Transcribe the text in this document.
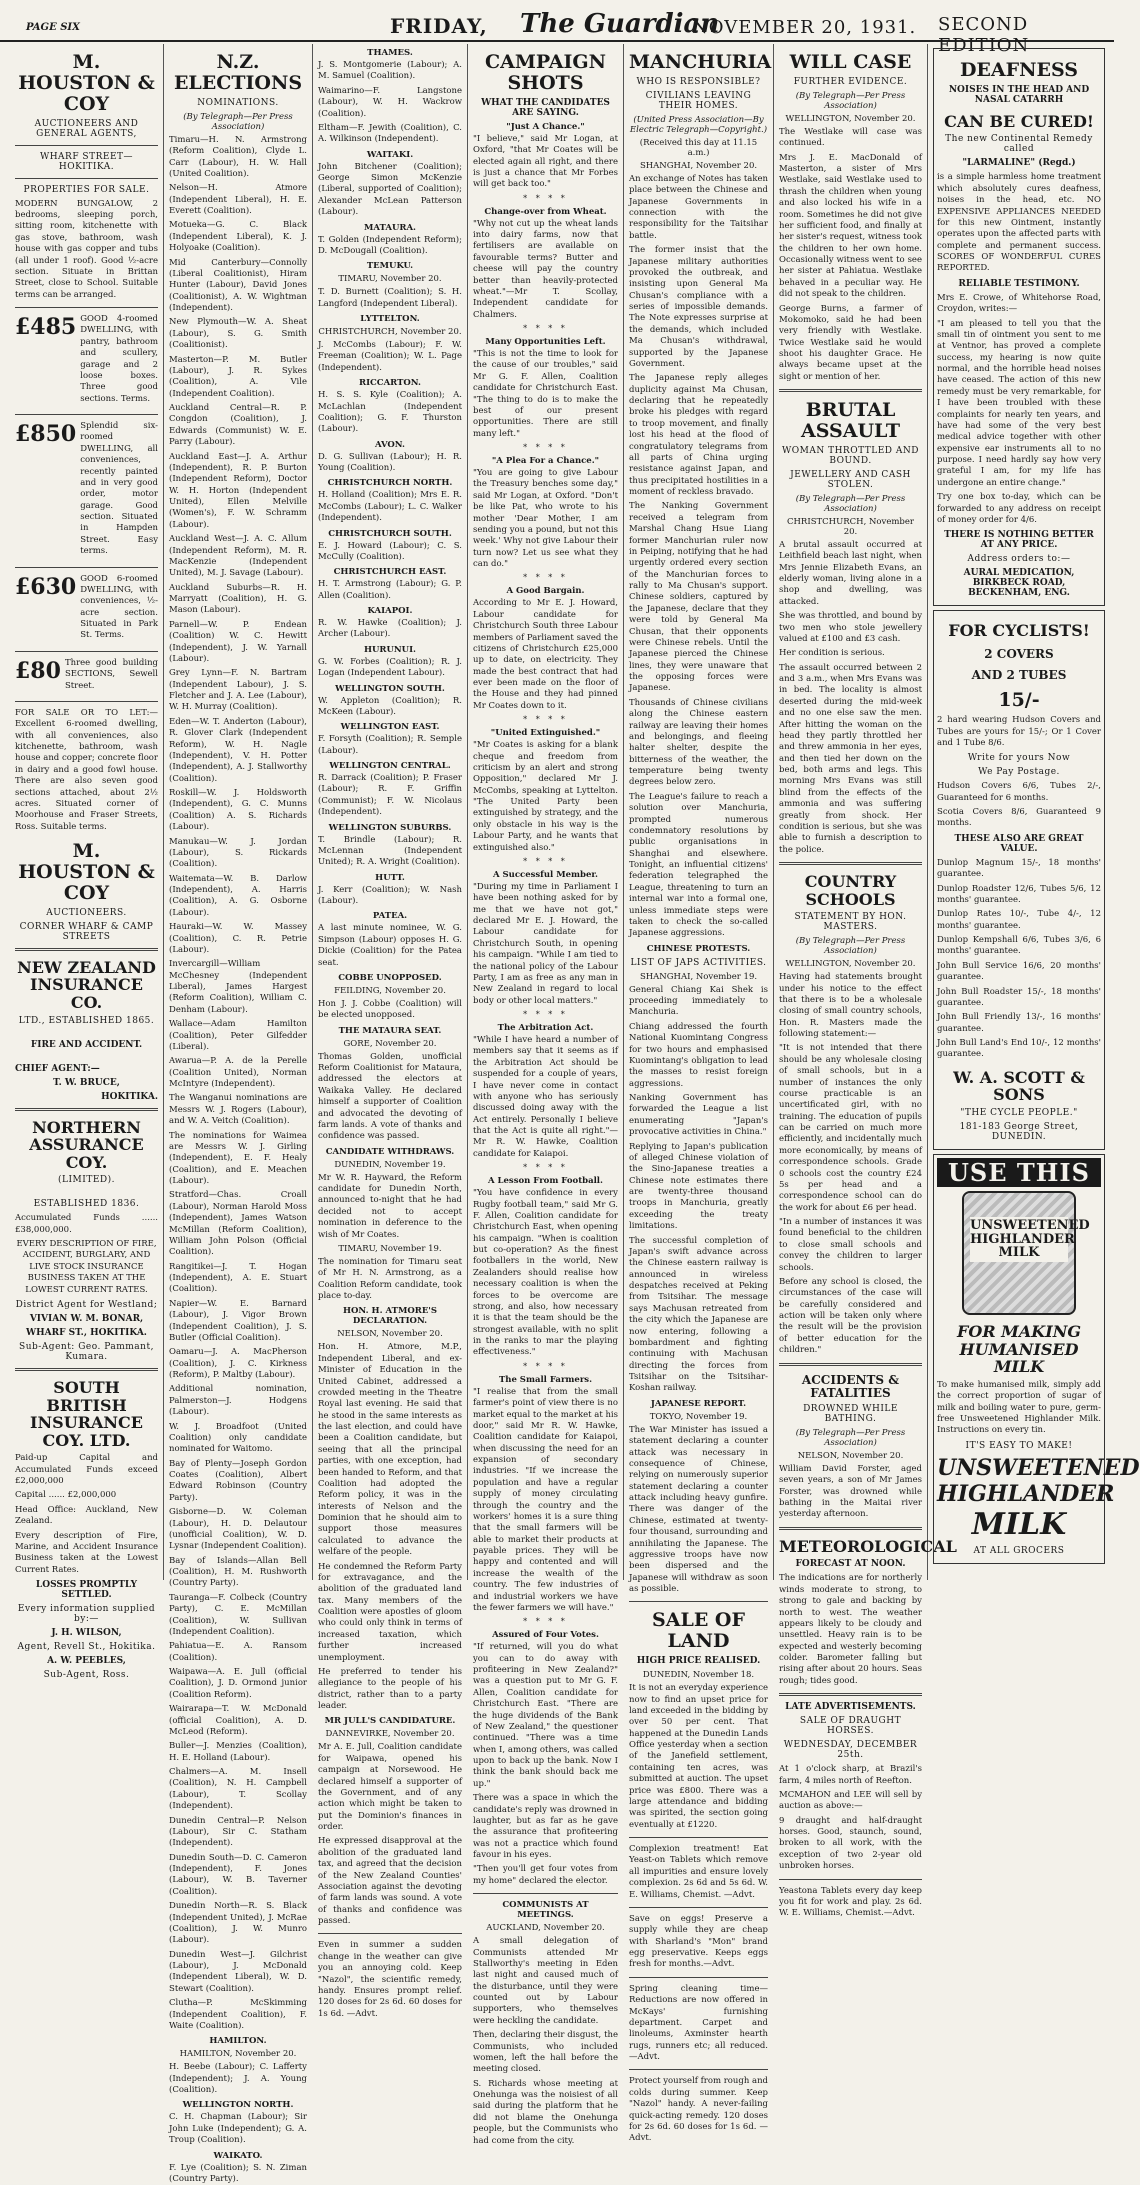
PAGE SIX	FRIDAY, The Guardian
NOVEMBER 20, 1931. SECOND EDITION
M. HOUSTON & COY
AUCTIONEERS AND GENERAL AGENTS,
WHARF STREET—HOKITIKA.
PROPERTIES FOR SALE.

MODERN BUNGALOW, 2 bedrooms, sleeping porch, sitting room, kitchenette with gas stove, bathroom, wash house with gas copper and tubs (all under 1 roof). Good ½-acre section. Situate in Brittan Street, close to School. Suitable terms can be arranged.

£485 GOOD 4-roomed DWELLING, with pantry, bathroom and scullery, garage and 2 loose boxes. Three good sections. Terms.

£850 Splendid six-roomed DWELLING, all conveniences, recently painted and in very good order, motor garage. Good section. Situated in Hampden Street. Easy terms.

£630 GOOD 6-roomed DWELLING, with conveniences, ½-acre section. Situated in Park St. Terms.

£80 Three good building SECTIONS, Sewell Street.

FOR SALE OR TO LET:—Excellent 6-roomed dwelling, with all conveniences, also kitchenette, bathroom, wash house and copper; concrete floor in dairy and a good fowl house. There are also seven good sections attached, about 2½ acres. Situated corner of Moorhouse and Fraser Streets, Ross. Suitable terms.

M. HOUSTON & COY
AUCTIONEERS.
CORNER WHARF & CAMP STREETS
NEW ZEALAND INSURANCE CO.
LTD., ESTABLISHED 1865.
FIRE AND ACCIDENT.
CHIEF AGENT:—
T. W. BRUCE,
HOKITIKA.
NORTHERN ASSURANCE COY.
(LIMITED).
ESTABLISHED 1836.

Accumulated Funds ...... £38,000,000.

EVERY DESCRIPTION OF FIRE, ACCIDENT, BURGLARY, AND LIVE STOCK INSURANCE BUSINESS TAKEN AT THE LOWEST CURRENT RATES.

District Agent for Westland;
VIVIAN W. M. BONAR,
WHARF ST., HOKITIKA.
Sub-Agent: Geo. Pammant, Kumara.
SOUTH BRITISH INSURANCE COY. LTD.

Paid-up Capital and Accumulated Funds exceed £2,000,000

Capital ...... £2,000,000

Head Office: Auckland, New Zealand.

Every description of Fire, Marine, and Accident Insurance Business taken at the Lowest Current Rates.

LOSSES PROMPTLY SETTLED.
Every information supplied by:—
J. H. WILSON,
Agent, Revell St., Hokitika.
A. W. PEEBLES,
Sub-Agent, Ross.
N.Z. ELECTIONS
NOMINATIONS.
(By Telegraph—Per Press Association)

Timaru—H. N. Armstrong (Reform Coalition), Clyde L. Carr (Labour), H. W. Hall (United Coalition).

Nelson—H. Atmore (Independent Liberal), H. E. Everett (Coalition).

Motueka—G. C. Black (Independent Liberal), K. J. Holyoake (Coalition).

Mid Canterbury—Connolly (Liberal Coalitionist), Hiram Hunter (Labour), David Jones (Coalitionist), A. W. Wightman (Independent).

New Plymouth—W. A. Sheat (Labour), S. G. Smith (Coalitionist).

Masterton—P. M. Butler (Labour), J. R. Sykes (Coalition), A. Vile (Independent Coalition).

Auckland Central—R. P. Congdon (Coalition), J. Edwards (Communist) W. E. Parry (Labour).

Auckland East—J. A. Arthur (Independent), R. P. Burton (Independent Reform), Doctor W. H. Horton (Independent United), Ellen Melville (Women's), F. W. Schramm (Labour).

Auckland West—J. A. C. Allum (Independent Reform), M. R. MacKenzie (Independent United), M. J. Savage (Labour).

Auckland Suburbs—R. H. Marryatt (Coalition), H. G. Mason (Labour).

Parnell—W. P. Endean (Coalition) W. C. Hewitt (Independent), J. W. Yarnall (Labour).

Grey Lynn—F. N. Bartram (Independent Labour), J. S. Fletcher and J. A. Lee (Labour), W. H. Murray (Coalition).

Eden—W. T. Anderton (Labour), R. Glover Clark (Independent Reform), W. H. Nagle (Independent), V. H. Potter (Independent), A. J. Stallworthy (Coalition).

Roskill—W. J. Holdsworth (Independent), G. C. Munns (Coalition) A. S. Richards (Labour).

Manukau—W. J. Jordan (Labour), S. Rickards (Coalition).

Waitemata—W. B. Darlow (Independent), A. Harris (Coalition), A. G. Osborne (Labour).

Hauraki—W. W. Massey (Coalition), C. R. Petrie (Labour).

Invercargill—William McChesney (Independent Liberal), James Hargest (Reform Coalition), William C. Denham (Labour).

Wallace—Adam Hamilton (Coalition), Peter Gilfedder (Liberal).

Awarua—P. A. de la Perelle (Coalition United), Norman McIntyre (Independent).

The Wanganui nominations are Messrs W. J. Rogers (Labour), and W. A. Veitch (Coalition).

The nominations for Waimea are Messrs W. J. Girling (Independent), E. F. Healy (Coalition), and E. Meachen (Labour).

Stratford—Chas. Croall (Labour), Norman Harold Moss (Independent), James Watson McMillan (Reform Coalition), William John Polson (Official Coalition).

Rangitikei—J. T. Hogan (Independent), A. E. Stuart (Coalition).

Napier—W. E. Barnard (Labour), J. Vigor Brown (Independent Coalition), J. S. Butler (Official Coalition).

Oamaru—J. A. MacPherson (Coalition), J. C. Kirkness (Reform), P. Maltby (Labour).

Additional nomination, Palmerston—J. Hodgens (Labour).

W. J. Broadfoot (United Coalition) only candidate nominated for Waitomo.

Bay of Plenty—Joseph Gordon Coates (Coalition), Albert Edward Robinson (Country Party).

Gisborne—D. W. Coleman (Labour), H. D. Delautour (unofficial Coalition), W. D. Lysnar (Independent Coalition).

Bay of Islands—Allan Bell (Coalition), H. M. Rushworth (Country Party).

Tauranga—F. Colbeck (Country Party), C. E. McMillan (Coalition), W. Sullivan (Independent Coalition).

Pahiatua—E. A. Ransom (Coalition).

Waipawa—A. E. Jull (official Coalition), J. D. Ormond junior (Coalition Reform).

Wairarapa—T. W. McDonald (official Coalition), A. D. McLeod (Reform).

Buller—J. Menzies (Coalition), H. E. Holland (Labour).

Chalmers—A. M. Insell (Coalition), N. H. Campbell (Labour), T. Scollay (Independent).

Dunedin Central—P. Nelson (Labour), Sir C. Statham (Independent).

Dunedin South—D. C. Cameron (Independent), F. Jones (Labour), W. B. Taverner (Coalition).

Dunedin North—R. S. Black (Independent United), J. McRae (Coalition), J. W. Munro (Labour).

Dunedin West—J. Gilchrist (Labour), J. McDonald (Independent Liberal), W. D. Stewart (Coalition).

Clutha—P. McSkimming (Independent Coalition), F. Waite (Coalition).

HAMILTON.
HAMILTON, November 20.

H. Beebe (Labour); C. Lafferty (Independent); J. A. Young (Coalition).

WELLINGTON NORTH.

C. H. Chapman (Labour); Sir John Luke (Independent); G. A. Troup (Coalition).

WAIKATO.

F. Lye (Coalition); S. N. Ziman (Country Party).

THAMES.

J. S. Montgomerie (Labour); A. M. Samuel (Coalition).

Waimarino—F. Langstone (Labour), W. H. Wackrow (Coalition).

Eltham—F. Jewith (Coalition), C. A. Wilkinson (Independent).

WAITAKI.

John Bitchener (Coalition); George Simon McKenzie (Liberal, supported of Coalition); Alexander McLean Patterson (Labour).

MATAURA.

T. Golden (Independent Reform); D. McDougall (Coalition).

TEMUKU.
TIMARU, November 20.

T. D. Burnett (Coalition); S. H. Langford (Independent Liberal).

LYTTELTON.
CHRISTCHURCH, November 20.

J. McCombs (Labour); F. W. Freeman (Coalition); W. L. Page (Independent).

RICCARTON.

H. S. S. Kyle (Coalition); A. McLachlan (Independent Coalition); G. F. Thurston (Labour).

AVON.

D. G. Sullivan (Labour); H. R. Young (Coalition).

CHRISTCHURCH NORTH.

H. Holland (Coalition); Mrs E. R. McCombs (Labour); L. C. Walker (Independent).

CHRISTCHURCH SOUTH.

E. J. Howard (Labour); C. S. McCully (Coalition).

CHRISTCHURCH EAST.

H. T. Armstrong (Labour); G. P. Allen (Coalition).

KAIAPOI.

R. W. Hawke (Coalition); J. Archer (Labour).

HURUNUI.

G. W. Forbes (Coalition); R. J. Logan (Independent Labour).

WELLINGTON SOUTH.

W. Appleton (Coalition); R. McKeen (Labour).

WELLINGTON EAST.

F. Forsyth (Coalition); R. Semple (Labour).

WELLINGTON CENTRAL.

R. Darrack (Coalition); P. Fraser (Labour); R. F. Griffin (Communist); F. W. Nicolaus (Independent).

WELLINGTON SUBURBS.

T. Brindle (Labour); R. McLennan (Independent United); R. A. Wright (Coalition).

HUTT.

J. Kerr (Coalition); W. Nash (Labour).

PATEA.

A last minute nominee, W. G. Simpson (Labour) opposes H. G. Dickie (Coalition) for the Patea seat.

COBBE UNOPPOSED.
FEILDING, November 20.

Hon J. J. Cobbe (Coalition) will be elected unopposed.

THE MATAURA SEAT.
GORE, November 20.

Thomas Golden, unofficial Reform Coalitionist for Mataura, addressed the electors at Waikaka Valley. He declared himself a supporter of Coalition and advocated the devoting of farm lands. A vote of thanks and confidence was passed.

CANDIDATE WITHDRAWS.
DUNEDIN, November 19.

Mr W. R. Hayward, the Reform candidate for Dunedin North, announced to-night that he had decided not to accept nomination in deference to the wish of Mr Coates.

TIMARU, November 19.

The nomination for Timaru seat of Mr H. N. Armstrong, as a Coalition Reform candidate, took place to-day.

HON. H. ATMORE'S DECLARATION.
NELSON, November 20.

Hon. H. Atmore, M.P., Independent Liberal, and ex-Minister of Education in the United Cabinet, addressed a crowded meeting in the Theatre Royal last evening. He said that he stood in the same interests as the last election, and could have been a Coalition candidate, but seeing that all the principal parties, with one exception, had been handed to Reform, and that Coalition had adopted the Reform policy, it was in the interests of Nelson and the Dominion that he should aim to support those measures calculated to advance the welfare of the people.

He condemned the Reform Party for extravagance, and the abolition of the graduated land tax. Many members of the Coalition were apostles of gloom who could only think in terms of increased taxation, which further increased unemployment.

He preferred to tender his allegiance to the people of his district, rather than to a party leader.

MR JULL'S CANDIDATURE.
DANNEVIRKE, November 20.

Mr A. E. Jull, Coalition candidate for Waipawa, opened his campaign at Norsewood. He declared himself a supporter of the Government, and of any action which might be taken to put the Dominion's finances in order.

He expressed disapproval at the abolition of the graduated land tax, and agreed that the decision of the New Zealand Counties' Association against the devoting of farm lands was sound. A vote of thanks and confidence was passed.

Even in summer a sudden change in the weather can give you an annoying cold. Keep "Nazol", the scientific remedy, handy. Ensures prompt relief. 120 doses for 2s 6d. 60 doses for 1s 6d. —Advt.

CAMPAIGN SHOTS
WHAT THE CANDIDATES ARE SAYING.
"Just A Chance."

"I believe," said Mr Logan, at Oxford, "that Mr Coates will be elected again all right, and there is just a chance that Mr Forbes will get back too."

* * * *
Change-over from Wheat.

"Why not cut up the wheat lands into dairy farms, now that fertilisers are available on favourable terms? Butter and cheese will pay the country better than heavily-protected wheat."—Mr T. Scollay, Independent candidate for Chalmers.

* * * *
Many Opportunities Left.

"This is not the time to look for the cause of our troubles," said Mr G. F. Allen, Coalition candidate for Christchurch East. "The thing to do is to make the best of our present opportunities. There are still many left."

* * * *
"A Plea For a Chance."

"You are going to give Labour the Treasury benches some day," said Mr Logan, at Oxford. "Don't be like Pat, who wrote to his mother 'Dear Mother, I am sending you a pound, but not this week.' Why not give Labour their turn now? Let us see what they can do."

* * * *
A Good Bargain.

According to Mr E. J. Howard, Labour candidate for Christchurch South three Labour members of Parliament saved the citizens of Christchurch £25,000 up to date, on electricity. They made the best contract that had ever been made on the floor of the House and they had pinned Mr Coates down to it.

* * * *
"United Extinguished."

"Mr Coates is asking for a blank cheque and freedom from criticism by an alert and strong Opposition," declared Mr J. McCombs, speaking at Lyttelton. "The United Party been extinguished by strategy, and the only obstacle in his way is the Labour Party, and he wants that extinguished also."

* * * *
A Successful Member.

"During my time in Parliament I have been nothing asked for by me that we have not got," declared Mr E. J. Howard, the Labour candidate for Christchurch South, in opening his campaign. "While I am tied to the national policy of the Labour Party, I am as free as any man in New Zealand in regard to local body or other local matters."

* * * *
The Arbitration Act.

"While I have heard a number of members say that it seems as if the Arbitration Act should be suspended for a couple of years, I have never come in contact with anyone who has seriously discussed doing away with the Act entirely. Personally I believe that the Act is quite all right."—Mr R. W. Hawke, Coalition candidate for Kaiapoi.

* * * *
A Lesson From Football.

"You have confidence in every Rugby football team," said Mr G. F. Allen, Coalition candidate for Christchurch East, when opening his campaign. "When is coalition but co-operation? As the finest footballers in the world, New Zealanders should realise how necessary coalition is when the forces to be overcome are strong, and also, how necessary it is that the team should be the strongest available, with no split in the ranks to mar the playing effectiveness."

* * * *
The Small Farmers.

"I realise that from the small farmer's point of view there is no market equal to the market at his door," said Mr R. W. Hawke, Coalition candidate for Kaiapoi, when discussing the need for an expansion of secondary industries. "If we increase the population and have a regular supply of money circulating through the country and the workers' homes it is a sure thing that the small farmers will be able to market their products at payable prices. They will be happy and contented and will increase the wealth of the country. The few industries of and industrial workers we have the fewer farmers we will have."

* * * *
Assured of Four Votes.

"If returned, will you do what you can to do away with profiteering in New Zealand?" was a question put to Mr G. F. Allen, Coalition candidate for Christchurch East. "There are the huge dividends of the Bank of New Zealand," the questioner continued. "There was a time when I, among others, was called upon to back up the bank. Now I think the bank should back me up."

There was a space in which the candidate's reply was drowned in laughter, but as far as he gave the assurance that profiteering was not a practice which found favour in his eyes.

"Then you'll get four votes from my home" declared the elector.

COMMUNISTS AT MEETINGS.
AUCKLAND, November 20.

A small delegation of Communists attended Mr Stallworthy's meeting in Eden last night and caused much of the disturbance, until they were counted out by Labour supporters, who themselves were heckling the candidate.

Then, declaring their disgust, the Communists, who included women, left the hall before the meeting closed.

S. Richards whose meeting at Onehunga was the noisiest of all said during the platform that he did not blame the Onehunga people, but the Communists who had come from the city.

MANCHURIA
WHO IS RESPONSIBLE?
CIVILIANS LEAVING THEIR HOMES.
(United Press Association—By Electric Telegraph—Copyright.)
(Received this day at 11.15 a.m.)
SHANGHAI, November 20.

An exchange of Notes has taken place between the Chinese and Japanese Governments in connection with the responsibility for the Taitsihar battle.

The former insist that the Japanese military authorities provoked the outbreak, and insisting upon General Ma Chusan's compliance with a series of impossible demands. The Note expresses surprise at the demands, which included Ma Chusan's withdrawal, supported by the Japanese Government.

The Japanese reply alleges duplicity against Ma Chusan, declaring that he repeatedly broke his pledges with regard to troop movement, and finally lost his head at the flood of congratulatory telegrams from all parts of China urging resistance against Japan, and thus precipitated hostilities in a moment of reckless bravado.

The Nanking Government received a telegram from Marshal Chang Hsue Liang former Manchurian ruler now in Peiping, notifying that he had urgently ordered every section of the Manchurian forces to rally to Ma Chusan's support. Chinese soldiers, captured by the Japanese, declare that they were told by General Ma Chusan, that their opponents were Chinese rebels. Until the Japanese pierced the Chinese lines, they were unaware that the opposing forces were Japanese.

Thousands of Chinese civilians along the Chinese eastern railway are leaving their homes and belongings, and fleeing halter shelter, despite the bitterness of the weather, the temperature being twenty degrees below zero.

The League's failure to reach a solution over Manchuria, prompted numerous condemnatory resolutions by public organisations in Shanghai and elsewhere. Tonight, an influential citizens' federation telegraphed the League, threatening to turn an internal war into a formal one, unless immediate steps were taken to check the so-called Japanese aggressions.

CHINESE PROTESTS.
LIST OF JAPS ACTIVITIES.
SHANGHAI, November 19.

General Chiang Kai Shek is proceeding immediately to Manchuria.

Chiang addressed the fourth National Kuomintang Congress for two hours and emphasised Kuomintang's obligation to lead the masses to resist foreign aggressions.

Nanking Government has forwarded the League a list enumerating "Japan's provocative activities in China."

Replying to Japan's publication of alleged Chinese violation of the Sino-Japanese treaties a Chinese note estimates there are twenty-three thousand troops in Manchuria, greatly exceeding the treaty limitations.

The successful completion of Japan's swift advance across the Chinese eastern railway is announced in wireless despatches received at Peking from Tsitsihar. The message says Machusan retreated from the city which the Japanese are now entering, following a bombardment and fighting continuing with Machusan directing the forces from Tsitsihar on the Tsitsihar-Koshan railway.

JAPANESE REPORT.
TOKYO, November 19.

The War Minister has issued a statement declaring a counter attack was necessary in consequence of Chinese, relying on numerously superior statement declaring a counter attack including heavy gunfire. There was danger of the Chinese, estimated at twenty-four thousand, surrounding and annihilating the Japanese. The aggressive troops have now been dispersed and the Japanese will withdraw as soon as possible.

SALE OF LAND
HIGH PRICE REALISED.
DUNEDIN, November 18.

It is not an everyday experience now to find an upset price for land exceeded in the bidding by over 50 per cent. That happened at the Dunedin Lands Office yesterday when a section of the Janefield settlement, containing ten acres, was submitted at auction. The upset price was £800. There was a large attendance and bidding was spirited, the section going eventually at £1220.

Complexion treatment! Eat Yeast-on Tablets which remove all impurities and ensure lovely complexion. 2s 6d and 5s 6d. W. E. Williams, Chemist. —Advt.

Save on eggs! Preserve a supply while they are cheap with Sharland's "Mon" brand egg preservative. Keeps eggs fresh for months.—Advt.

Spring cleaning time—Reductions are now offered in McKays' furnishing department. Carpet and linoleums, Axminster hearth rugs, runners etc; all reduced.—Advt.

Protect yourself from rough and colds during summer. Keep "Nazol" handy. A never-failing quick-acting remedy. 120 doses for 2s 6d. 60 doses for 1s 6d. —Advt.

WILL CASE
FURTHER EVIDENCE.
(By Telegraph—Per Press Association)
WELLINGTON, November 20.

The Westlake will case was continued.

Mrs J. E. MacDonald of Masterton, a sister of Mrs Westlake, said Westlake used to thrash the children when young and also locked his wife in a room. Sometimes he did not give her sufficient food, and finally at her sister's request, witness took the children to her own home. Occasionally witness went to see her sister at Pahiatua. Westlake behaved in a peculiar way. He did not speak to the children.

George Burns, a farmer of Mokomoko, said he had been very friendly with Westlake. Twice Westlake said he would shoot his daughter Grace. He always became upset at the sight or mention of her.

BRUTAL ASSAULT
WOMAN THROTTLED AND BOUND.
JEWELLERY AND CASH STOLEN.
(By Telegraph—Per Press Association)
CHRISTCHURCH, November 20.

A brutal assault occurred at Leithfield beach last night, when Mrs Jennie Elizabeth Evans, an elderly woman, living alone in a shop and dwelling, was attacked.

She was throttled, and bound by two men who stole jewellery valued at £100 and £3 cash.

Her condition is serious.

The assault occurred between 2 and 3 a.m., when Mrs Evans was in bed. The locality is almost deserted during the mid-week and no one else saw the men. After hitting the woman on the head they partly throttled her and threw ammonia in her eyes, and then tied her down on the bed, both arms and legs. This morning Mrs Evans was still blind from the effects of the ammonia and was suffering greatly from shock. Her condition is serious, but she was able to furnish a description to the police.

COUNTRY SCHOOLS
STATEMENT BY HON. MASTERS.
(By Telegraph—Per Press Association)
WELLINGTON, November 20.

Having had statements brought under his notice to the effect that there is to be a wholesale closing of small country schools, Hon. R. Masters made the following statement:—

"It is not intended that there should be any wholesale closing of small schools, but in a number of instances the only course practicable is an uncertificated girl, with no training. The education of pupils can be carried on much more efficiently, and incidentally much more economically, by means of correspondence schools. Grade 0 schools cost the country £24 5s per head and a correspondence school can do the work for about £6 per head.

"In a number of instances it was found beneficial to the children to close small schools and convey the children to larger schools.

Before any school is closed, the circumstances of the case will be carefully considered and action will be taken only where the result will be the provision of better education for the children."

ACCIDENTS & FATALITIES
DROWNED WHILE BATHING.
(By Telegraph—Per Press Association)
NELSON, November 20.

William David Forster, aged seven years, a son of Mr James Forster, was drowned while bathing in the Maitai river yesterday afternoon.

METEOROLOGICAL
FORECAST AT NOON.

The indications are for northerly winds moderate to strong, to strong to gale and backing by north to west. The weather appears likely to be cloudy and unsettled. Heavy rain is to be expected and westerly becoming colder. Barometer falling but rising after about 20 hours. Seas rough; tides good.

LATE ADVERTISEMENTS.
SALE OF DRAUGHT HORSES.
WEDNESDAY, DECEMBER 25th.

At 1 o'clock sharp, at Brazil's farm, 4 miles north of Reefton.

MCMAHON and LEE will sell by auction as above:—

9 draught and half-draught horses. Good, staunch, sound, broken to all work, with the exception of two 2-year old unbroken horses.

Yeastona Tablets every day keep you fit for work and play. 2s 6d. W. E. Williams, Chemist.—Advt.

DEAFNESS
NOISES IN THE HEAD AND NASAL CATARRH
CAN BE CURED!
The new Continental Remedy called
"LARMALINE" (Regd.)

is a simple harmless home treatment which absolutely cures deafness, noises in the head, etc. NO EXPENSIVE APPLIANCES NEEDED for this new Ointment, instantly operates upon the affected parts with complete and permanent success. SCORES OF WONDERFUL CURES REPORTED.

RELIABLE TESTIMONY.

Mrs E. Crowe, of Whitehorse Road, Croydon, writes:—

"I am pleased to tell you that the small tin of ointment you sent to me at Ventnor, has proved a complete success, my hearing is now quite normal, and the horrible head noises have ceased. The action of this new remedy must be very remarkable, for I have been troubled with these complaints for nearly ten years, and have had some of the very best medical advice together with other expensive ear instruments all to no purpose. I need hardly say how very grateful I am, for my life has undergone an entire change."

Try one box to-day, which can be forwarded to any address on receipt of money order for 4/6.

THERE IS NOTHING BETTER AT ANY PRICE.
Address orders to:—
AURAL MEDICATION, BIRKBECK ROAD, BECKENHAM, ENG.
FOR CYCLISTS!
2 COVERS
AND 2 TUBES
15/-

2 hard wearing Hudson Covers and Tubes are yours for 15/-; Or 1 Cover and 1 Tube 8/6.

Write for yours Now
We Pay Postage.

Hudson Covers 6/6, Tubes 2/-, Guaranteed for 6 months.

Scotia Covers 8/6, Guaranteed 9 months.

THESE ALSO ARE GREAT VALUE.

Dunlop Magnum 15/-, 18 months' guarantee.

Dunlop Roadster 12/6, Tubes 5/6, 12 months' guarantee.

Dunlop Rates 10/-, Tube 4/-, 12 months' guarantee.

Dunlop Kempshall 6/6, Tubes 3/6, 6 months' guarantee.

John Bull Service 16/6, 20 months' guarantee.

John Bull Roadster 15/-, 18 months' guarantee.

John Bull Friendly 13/-, 16 months' guarantee.

John Bull Land's End 10/-, 12 months' guarantee.

W. A. SCOTT & SONS
"THE CYCLE PEOPLE."
181-183 George Street, DUNEDIN.
USE THIS
UNSWEETENED HIGHLANDER MILK
FOR MAKING HUMANISED MILK

To make humanised milk, simply add the correct proportion of sugar of milk and boiling water to pure, germ-free Unsweetened Highlander Milk. Instructions on every tin.

IT'S EASY TO MAKE!
UNSWEETENED
HIGHLANDER
MILK
AT ALL GROCERS
